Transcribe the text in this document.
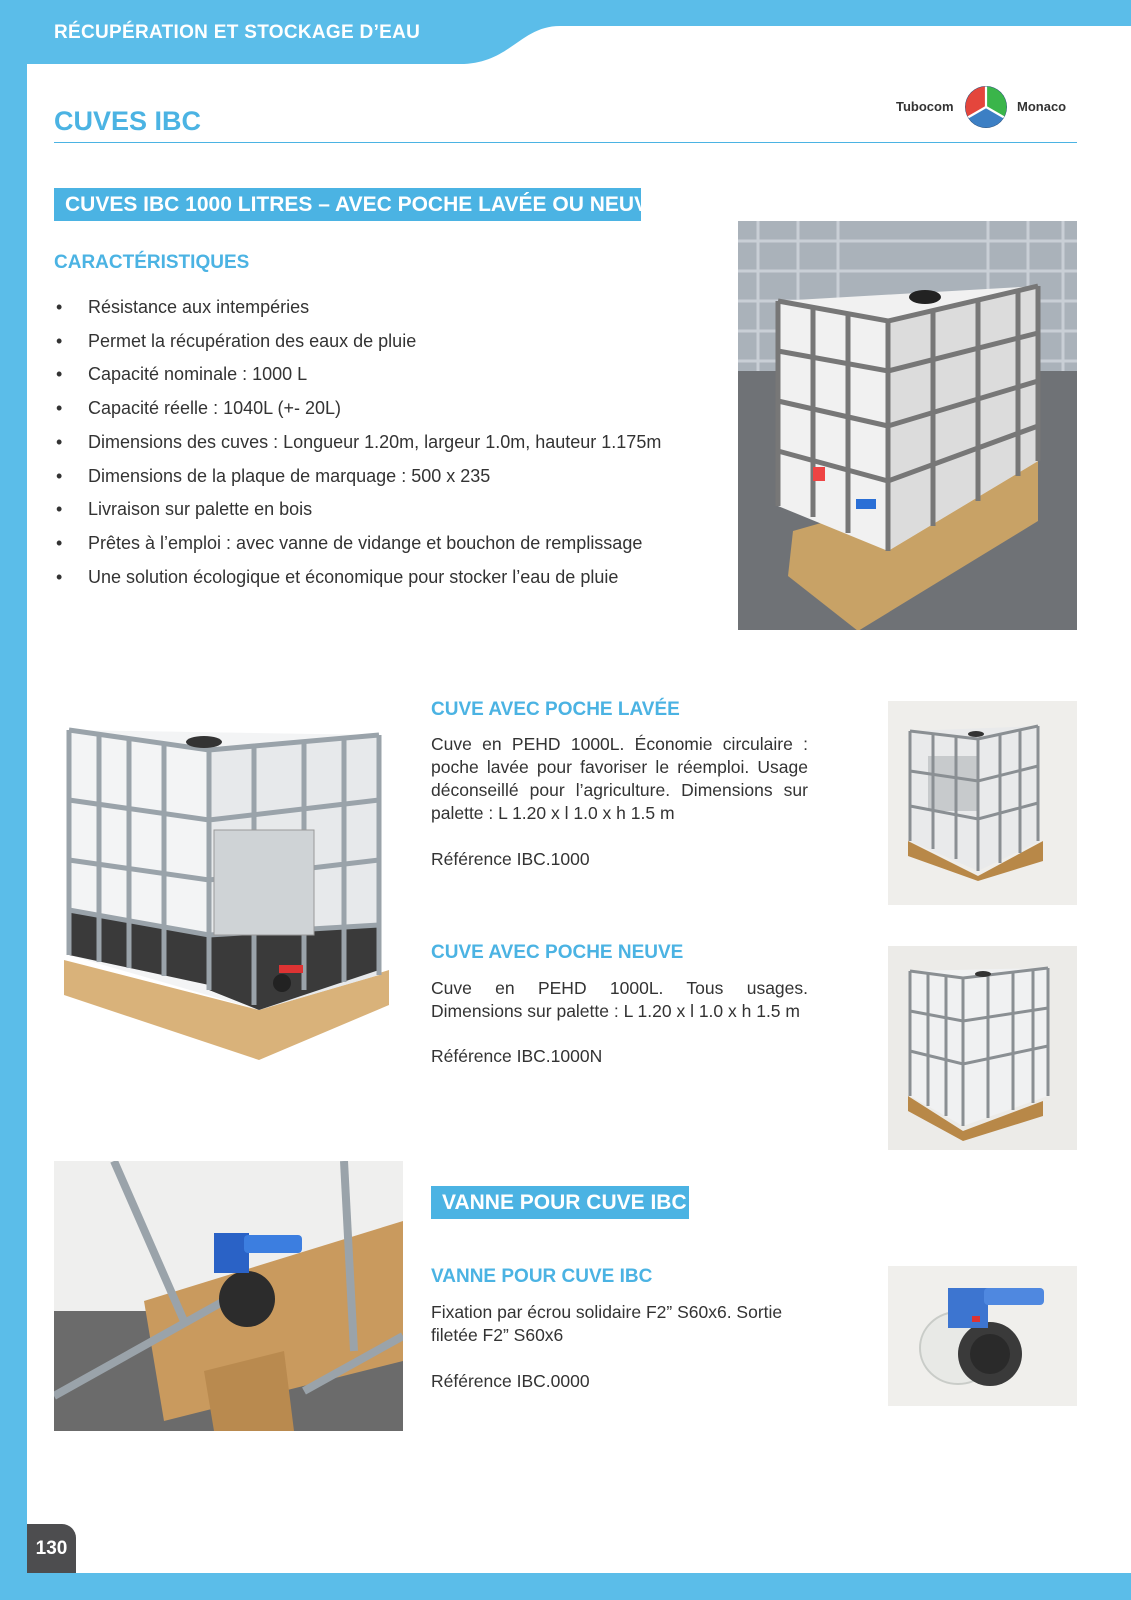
RÉCUPÉRATION ET STOCKAGE D’EAU
CUVES IBC	Tubocom	Monaco
CUVES IBC 1000 LITRES – AVEC POCHE LAVÉE OU NEUVE
CARACTÉRISTIQUES
• Résistance aux intempéries
• Permet la récupération des eaux de pluie
• Capacité nominale : 1000 L
• Capacité réelle : 1040L (+- 20L)
• Dimensions des cuves : Longueur 1.20m, largeur 1.0m, hauteur 1.175m
• Dimensions de la plaque de marquage : 500 x 235
• Livraison sur palette en bois
• Prêtes à l’emploi : avec vanne de vidange et bouchon de remplissage
• Une solution écologique et économique pour stocker l’eau de pluie
CUVE AVEC POCHE LAVÉE
Cuve en PEHD 1000L. Économie circulaire : poche lavée pour favoriser le réemploi. Usage déconseillé pour l’agriculture. Dimensions sur palette : L 1.20 x l 1.0 x h 1.5 m
Référence IBC.1000
CUVE AVEC POCHE NEUVE
Cuve en PEHD 1000L. Tous usages. Dimensions sur palette : L 1.20 x l 1.0 x h 1.5 m
Référence IBC.1000N
VANNE POUR CUVE IBC
VANNE POUR CUVE IBC
Fixation par écrou solidaire F2” S60x6. Sortie filetée F2” S60x6
Référence IBC.0000
130
